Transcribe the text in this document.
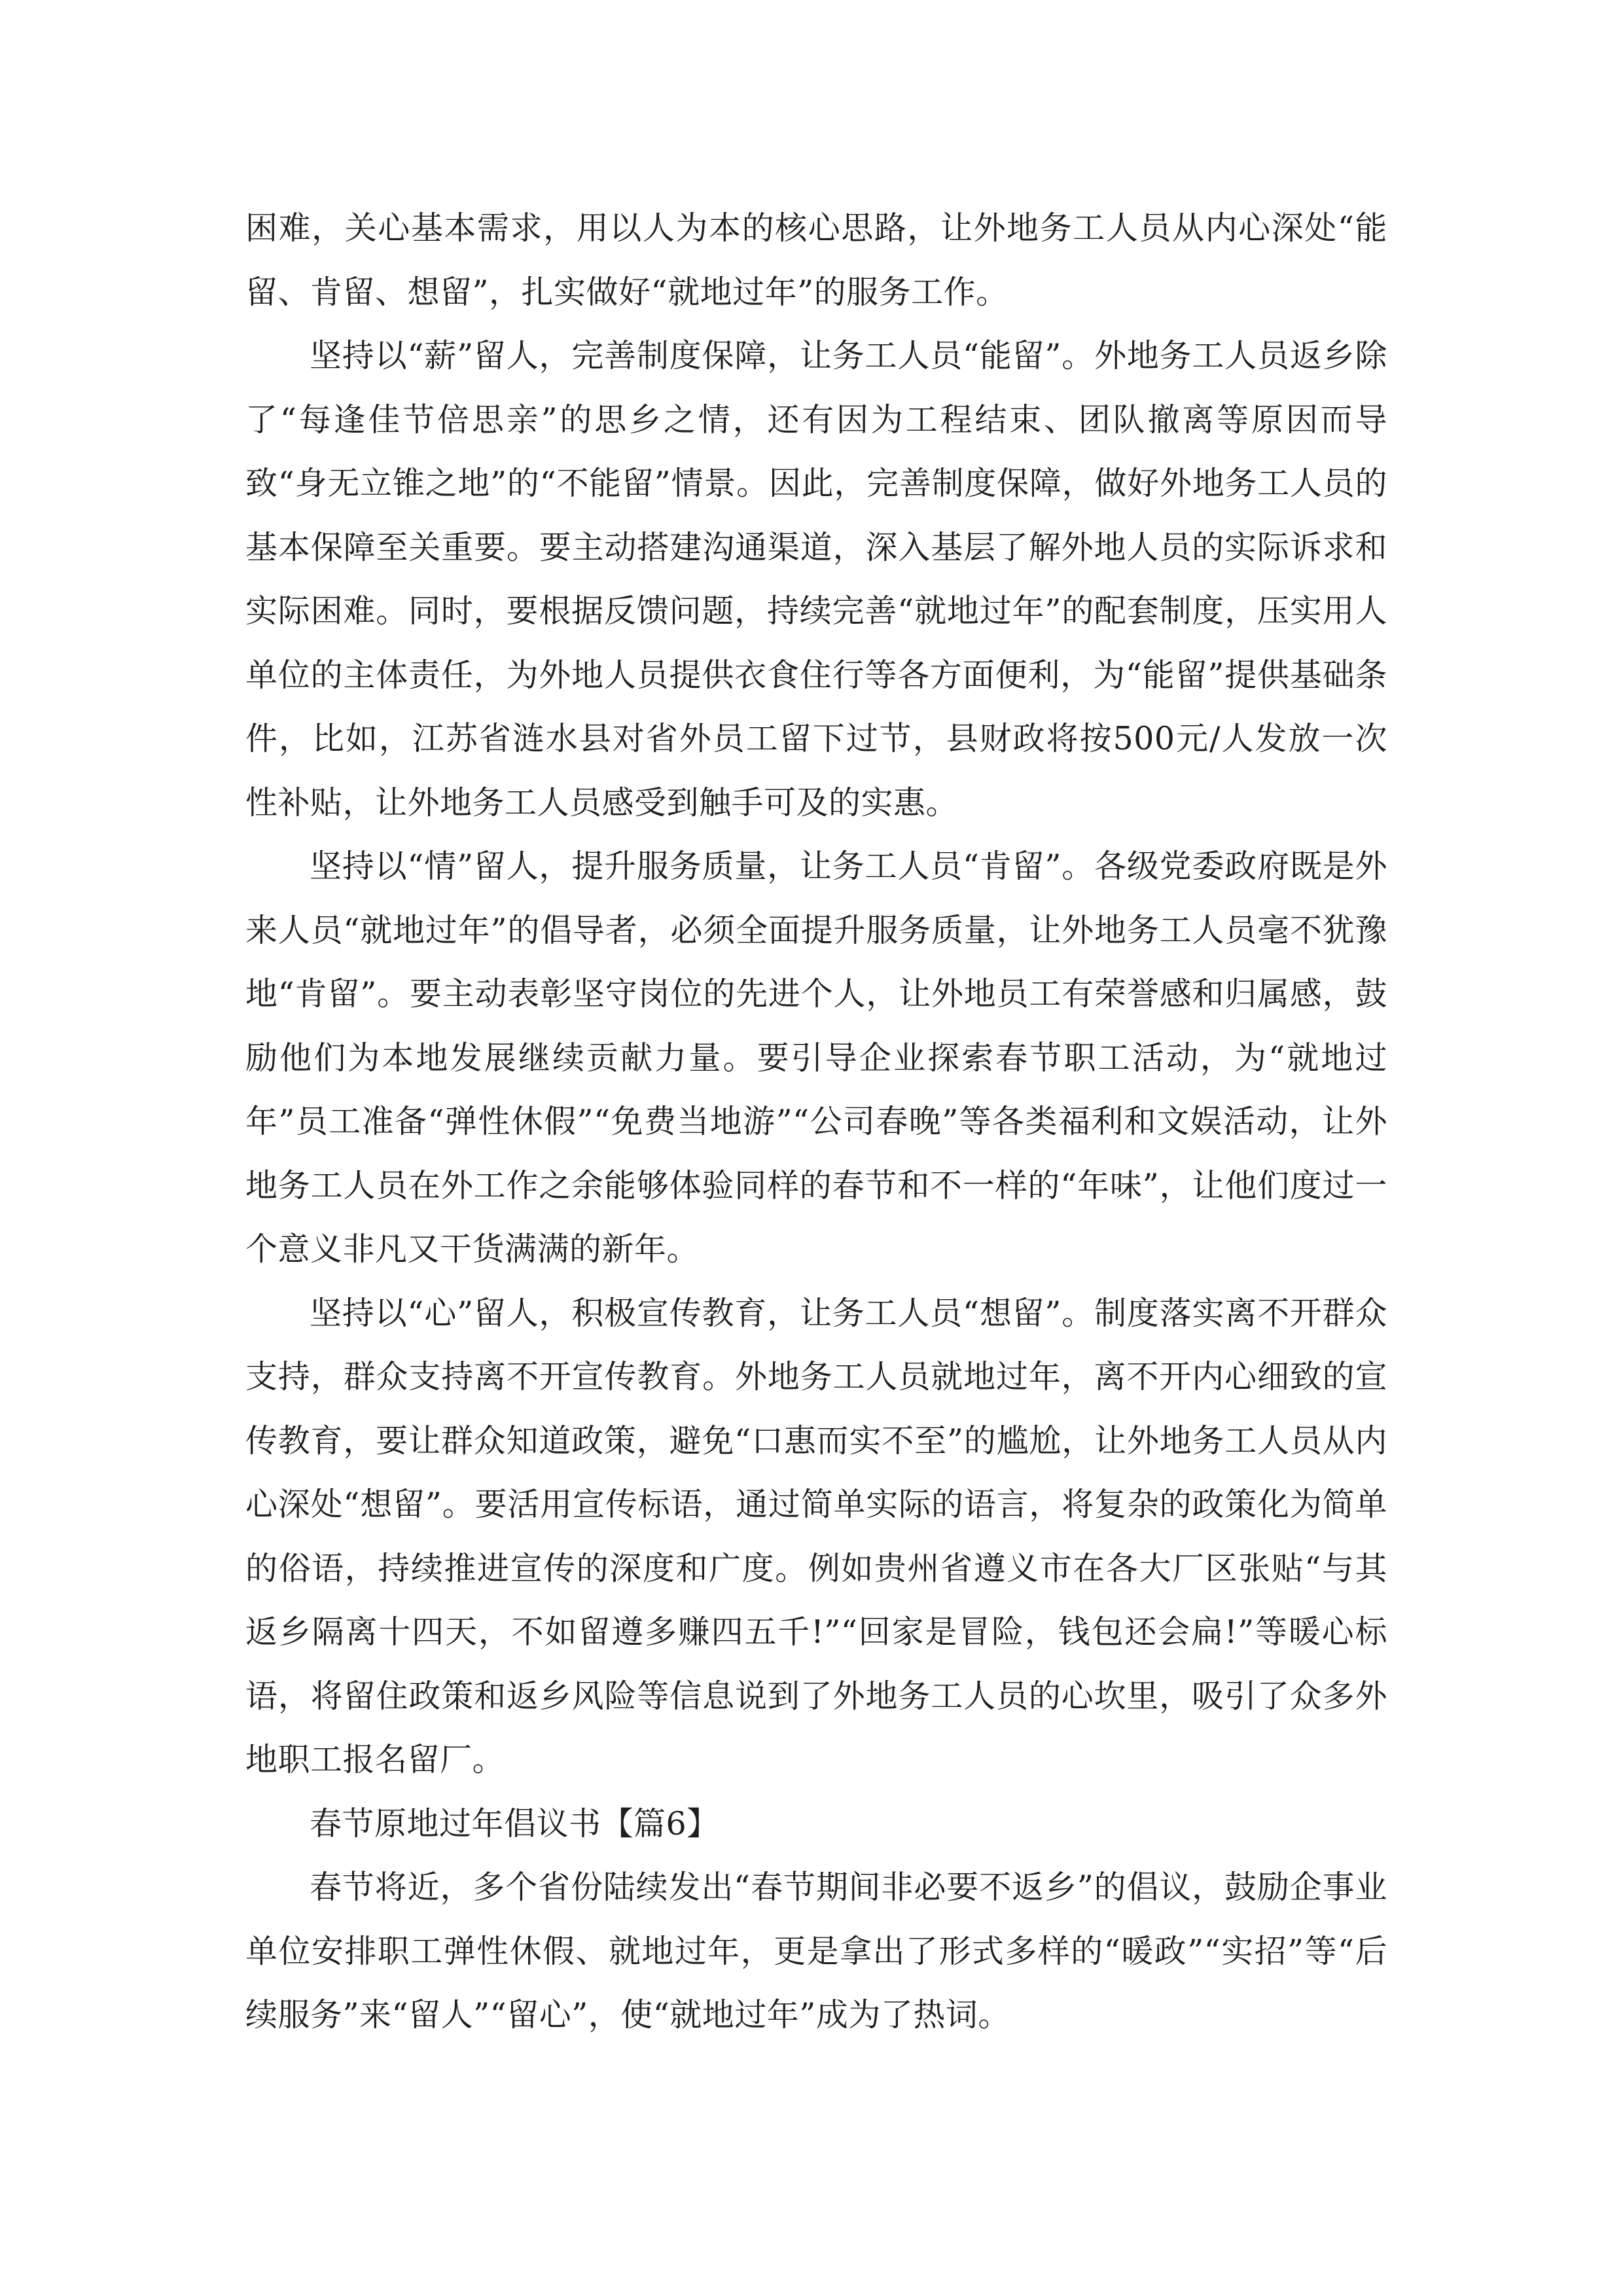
困难，关心基本需求，用以人为本的核心思路，让外地务工人员从内心深处“能留、肯留、想留”，扎实做好“就地过年”的服务工作。

坚持以“薪”留人，完善制度保障，让务工人员“能留”。外地务工人员返乡除了“每逢佳节倍思亲”的思乡之情，还有因为工程结束、团队撤离等原因而导致“身无立锥之地”的“不能留”情景。因此，完善制度保障，做好外地务工人员的基本保障至关重要。要主动搭建沟通渠道，深入基层了解外地人员的实际诉求和实际困难。同时，要根据反馈问题，持续完善“就地过年”的配套制度，压实用人单位的主体责任，为外地人员提供衣食住行等各方面便利，为“能留”提供基础条件，比如，江苏省涟水县对省外员工留下过节，县财政将按500元/人发放一次性补贴，让外地务工人员感受到触手可及的实惠。

坚持以“情”留人，提升服务质量，让务工人员“肯留”。各级党委政府既是外来人员“就地过年”的倡导者，必须全面提升服务质量，让外地务工人员毫不犹豫地“肯留”。要主动表彰坚守岗位的先进个人，让外地员工有荣誉感和归属感，鼓励他们为本地发展继续贡献力量。要引导企业探索春节职工活动，为“就地过年”员工准备“弹性休假”“免费当地游”“公司春晚”等各类福利和文娱活动，让外地务工人员在外工作之余能够体验同样的春节和不一样的“年味”，让他们度过一个意义非凡又干货满满的新年。

坚持以“心”留人，积极宣传教育，让务工人员“想留”。制度落实离不开群众支持，群众支持离不开宣传教育。外地务工人员就地过年，离不开内心细致的宣传教育，要让群众知道政策，避免“口惠而实不至”的尴尬，让外地务工人员从内心深处“想留”。要活用宣传标语，通过简单实际的语言，将复杂的政策化为简单的俗语，持续推进宣传的深度和广度。例如贵州省遵义市在各大厂区张贴“与其返乡隔离十四天，不如留遵多赚四五千!”“回家是冒险，钱包还会扁!”等暖心标语，将留住政策和返乡风险等信息说到了外地务工人员的心坎里，吸引了众多外地职工报名留厂。

春节原地过年倡议书【篇6】

春节将近，多个省份陆续发出“春节期间非必要不返乡”的倡议，鼓励企事业单位安排职工弹性休假、就地过年，更是拿出了形式多样的“暖政”“实招”等“后续服务”来“留人”“留心”，使“就地过年”成为了热词。
